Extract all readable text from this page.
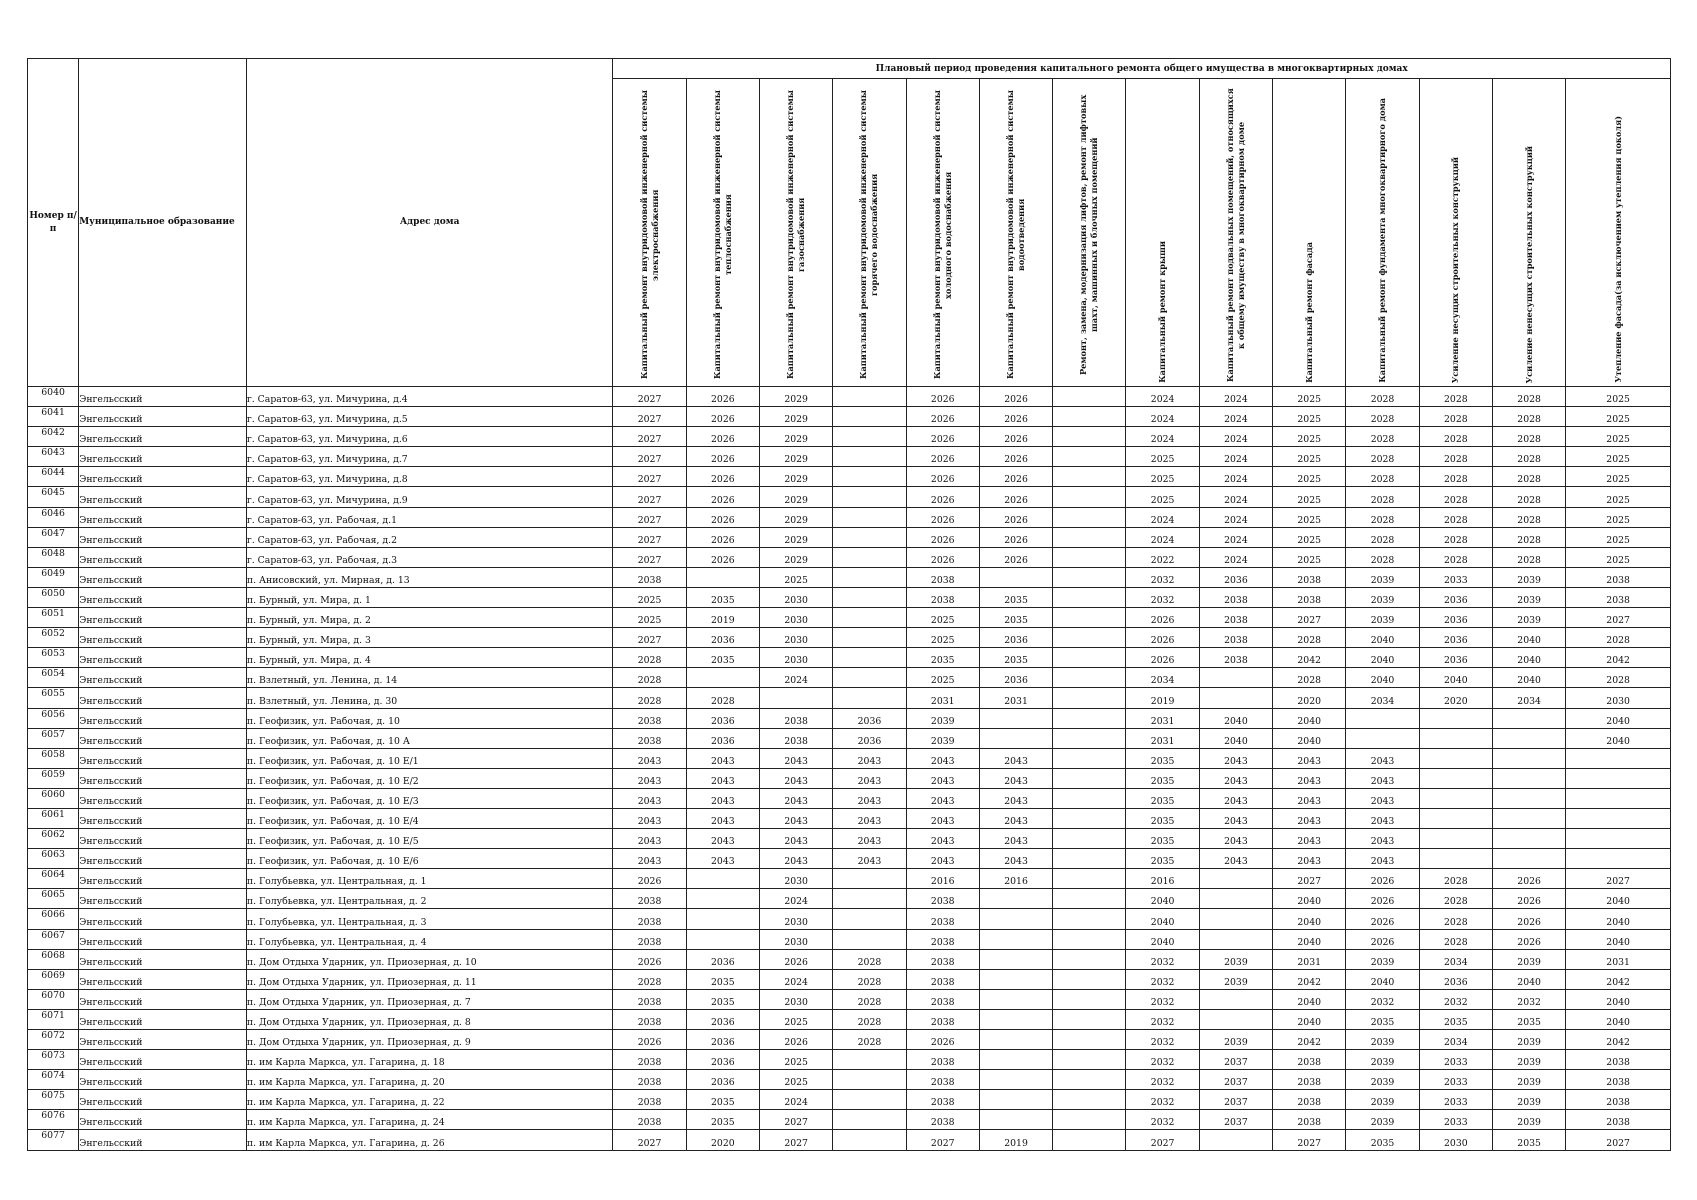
Номер п/п	Муниципальное образование	Адрес дома	Плановый период проведения капитального ремонта общего имущества в многоквартирных домах													
			Капитальный ремонт внутридомовой инженерной системы электроснабжения	Капитальный ремонт внутридомовой инженерной системы теплоснабжения	Капитальный ремонт внутридомовой инженерной системы газоснабжения	Капитальный ремонт внутридомовой инженерной системы горячего водоснабжения	Капитальный ремонт внутридомовой инженерной системы холодного водоснабжения	Капитальный ремонт внутридомовой инженерной системы водоотведения	Ремонт, замена, модернизация лифтов, ремонт лифтовых шахт, машинных и блочных помещений	Капитальный ремонт крыши	Капитальный ремонт подвальных помещений, относящихся к общему имуществу в многоквартирном доме	Капитальный ремонт фасада	Капитальный ремонт фундамента многоквартирного дома	Усиление несущих строительных конструкций	Усиление ненесущих строительных конструкций	Утепление фасада(за исключением утепления цоколя)
6040	Энгельсский	г. Саратов-63, ул. Мичурина, д.4	2027	2026	2029		2026	2026		2024	2024	2025	2028	2028	2028	2025
6041	Энгельсский	г. Саратов-63, ул. Мичурина, д.5	2027	2026	2029		2026	2026		2024	2024	2025	2028	2028	2028	2025
6042	Энгельсский	г. Саратов-63, ул. Мичурина, д.6	2027	2026	2029		2026	2026		2024	2024	2025	2028	2028	2028	2025
6043	Энгельсский	г. Саратов-63, ул. Мичурина, д.7	2027	2026	2029		2026	2026		2025	2024	2025	2028	2028	2028	2025
6044	Энгельсский	г. Саратов-63, ул. Мичурина, д.8	2027	2026	2029		2026	2026		2025	2024	2025	2028	2028	2028	2025
6045	Энгельсский	г. Саратов-63, ул. Мичурина, д.9	2027	2026	2029		2026	2026		2025	2024	2025	2028	2028	2028	2025
6046	Энгельсский	г. Саратов-63, ул. Рабочая, д.1	2027	2026	2029		2026	2026		2024	2024	2025	2028	2028	2028	2025
6047	Энгельсский	г. Саратов-63, ул. Рабочая, д.2	2027	2026	2029		2026	2026		2024	2024	2025	2028	2028	2028	2025
6048	Энгельсский	г. Саратов-63, ул. Рабочая, д.3	2027	2026	2029		2026	2026		2022	2024	2025	2028	2028	2028	2025
6049	Энгельсский	п. Анисовский, ул. Мирная, д. 13	2038		2025		2038			2032	2036	2038	2039	2033	2039	2038
6050	Энгельсский	п. Бурный, ул. Мира, д. 1	2025	2035	2030		2038	2035		2032	2038	2038	2039	2036	2039	2038
6051	Энгельсский	п. Бурный, ул. Мира, д. 2	2025	2019	2030		2025	2035		2026	2038	2027	2039	2036	2039	2027
6052	Энгельсский	п. Бурный, ул. Мира, д. 3	2027	2036	2030		2025	2036		2026	2038	2028	2040	2036	2040	2028
6053	Энгельсский	п. Бурный, ул. Мира, д. 4	2028	2035	2030		2035	2035		2026	2038	2042	2040	2036	2040	2042
6054	Энгельсский	п. Взлетный, ул. Ленина, д. 14	2028		2024		2025	2036		2034		2028	2040	2040	2040	2028
6055	Энгельсский	п. Взлетный, ул. Ленина, д. 30	2028	2028			2031	2031		2019		2020	2034	2020	2034	2030
6056	Энгельсский	п. Геофизик, ул. Рабочая, д. 10	2038	2036	2038	2036	2039			2031	2040	2040				2040
6057	Энгельсский	п. Геофизик, ул. Рабочая, д. 10 А	2038	2036	2038	2036	2039			2031	2040	2040				2040
6058	Энгельсский	п. Геофизик, ул. Рабочая, д. 10 Е/1	2043	2043	2043	2043	2043	2043		2035	2043	2043	2043			
6059	Энгельсский	п. Геофизик, ул. Рабочая, д. 10 Е/2	2043	2043	2043	2043	2043	2043		2035	2043	2043	2043			
6060	Энгельсский	п. Геофизик, ул. Рабочая, д. 10 Е/3	2043	2043	2043	2043	2043	2043		2035	2043	2043	2043			
6061	Энгельсский	п. Геофизик, ул. Рабочая, д. 10 Е/4	2043	2043	2043	2043	2043	2043		2035	2043	2043	2043			
6062	Энгельсский	п. Геофизик, ул. Рабочая, д. 10 Е/5	2043	2043	2043	2043	2043	2043		2035	2043	2043	2043			
6063	Энгельсский	п. Геофизик, ул. Рабочая, д. 10 Е/6	2043	2043	2043	2043	2043	2043		2035	2043	2043	2043			
6064	Энгельсский	п. Голубьевка, ул. Центральная, д. 1	2026		2030		2016	2016		2016		2027	2026	2028	2026	2027
6065	Энгельсский	п. Голубьевка, ул. Центральная, д. 2	2038		2024		2038			2040		2040	2026	2028	2026	2040
6066	Энгельсский	п. Голубьевка, ул. Центральная, д. 3	2038		2030		2038			2040		2040	2026	2028	2026	2040
6067	Энгельсский	п. Голубьевка, ул. Центральная, д. 4	2038		2030		2038			2040		2040	2026	2028	2026	2040
6068	Энгельсский	п. Дом Отдыха Ударник, ул. Приозерная, д. 10	2026	2036	2026	2028	2038			2032	2039	2031	2039	2034	2039	2031
6069	Энгельсский	п. Дом Отдыха Ударник, ул. Приозерная, д. 11	2028	2035	2024	2028	2038			2032	2039	2042	2040	2036	2040	2042
6070	Энгельсский	п. Дом Отдыха Ударник, ул. Приозерная, д. 7	2038	2035	2030	2028	2038			2032		2040	2032	2032	2032	2040
6071	Энгельсский	п. Дом Отдыха Ударник, ул. Приозерная, д. 8	2038	2036	2025	2028	2038			2032		2040	2035	2035	2035	2040
6072	Энгельсский	п. Дом Отдыха Ударник, ул. Приозерная, д. 9	2026	2036	2026	2028	2026			2032	2039	2042	2039	2034	2039	2042
6073	Энгельсский	п. им Карла Маркса, ул. Гагарина, д. 18	2038	2036	2025		2038			2032	2037	2038	2039	2033	2039	2038
6074	Энгельсский	п. им Карла Маркса, ул. Гагарина, д. 20	2038	2036	2025		2038			2032	2037	2038	2039	2033	2039	2038
6075	Энгельсский	п. им Карла Маркса, ул. Гагарина, д. 22	2038	2035	2024		2038			2032	2037	2038	2039	2033	2039	2038
6076	Энгельсский	п. им Карла Маркса, ул. Гагарина, д. 24	2038	2035	2027		2038			2032	2037	2038	2039	2033	2039	2038
6077	Энгельсский	п. им Карла Маркса, ул. Гагарина, д. 26	2027	2020	2027		2027	2019		2027		2027	2035	2030	2035	2027
